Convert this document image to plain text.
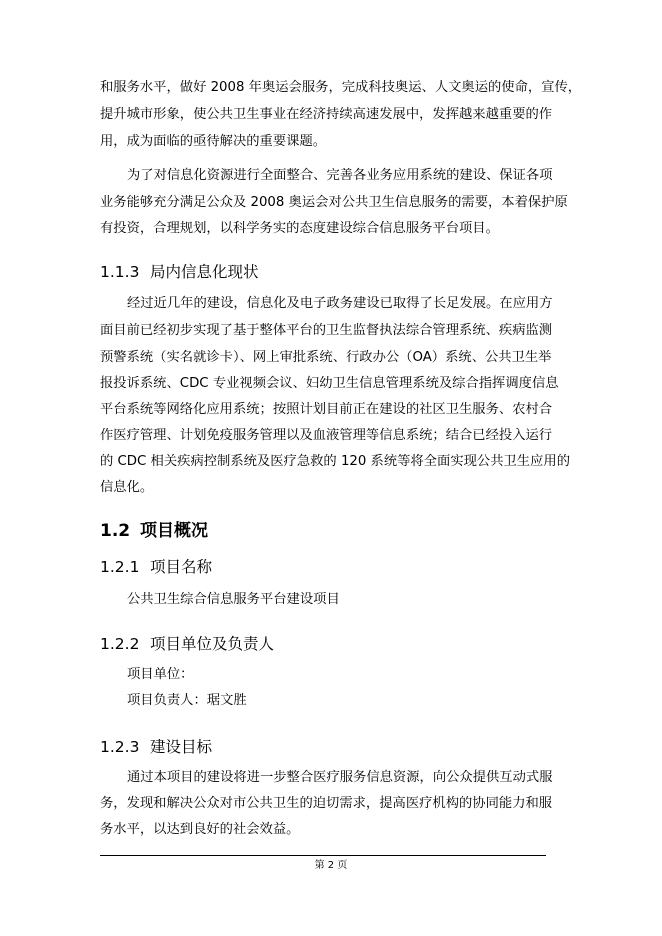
和服务水平，做好 2008 年奥运会服务，完成科技奥运、人文奥运的使命，宣传，
提升城市形象，使公共卫生事业在经济持续高速发展中，发挥越来越重要的作
用，成为面临的亟待解决的重要课题。
为了对信息化资源进行全面整合、完善各业务应用系统的建设、保证各项
业务能够充分满足公众及 2008 奥运会对公共卫生信息服务的需要，本着保护原
有投资，合理规划，以科学务实的态度建设综合信息服务平台项目。
1.1.3 局内信息化现状
经过近几年的建设，信息化及电子政务建设已取得了长足发展。在应用方
面目前已经初步实现了基于整体平台的卫生监督执法综合管理系统、疾病监测
预警系统（实名就诊卡）、网上审批系统、行政办公（OA）系统、公共卫生举
报投诉系统、CDC 专业视频会议、妇幼卫生信息管理系统及综合指挥调度信息
平台系统等网络化应用系统；按照计划目前正在建设的社区卫生服务、农村合
作医疗管理、计划免疫服务管理以及血液管理等信息系统；结合已经投入运行
的 CDC 相关疾病控制系统及医疗急救的 120 系统等将全面实现公共卫生应用的
信息化。
1.2 项目概况
1.2.1 项目名称
公共卫生综合信息服务平台建设项目
1.2.2 项目单位及负责人
项目单位：
项目负责人：琚文胜
1.2.3 建设目标
通过本项目的建设将进一步整合医疗服务信息资源，向公众提供互动式服
务，发现和解决公众对市公共卫生的迫切需求，提高医疗机构的协同能力和服
务水平，以达到良好的社会效益。
第 2 页
